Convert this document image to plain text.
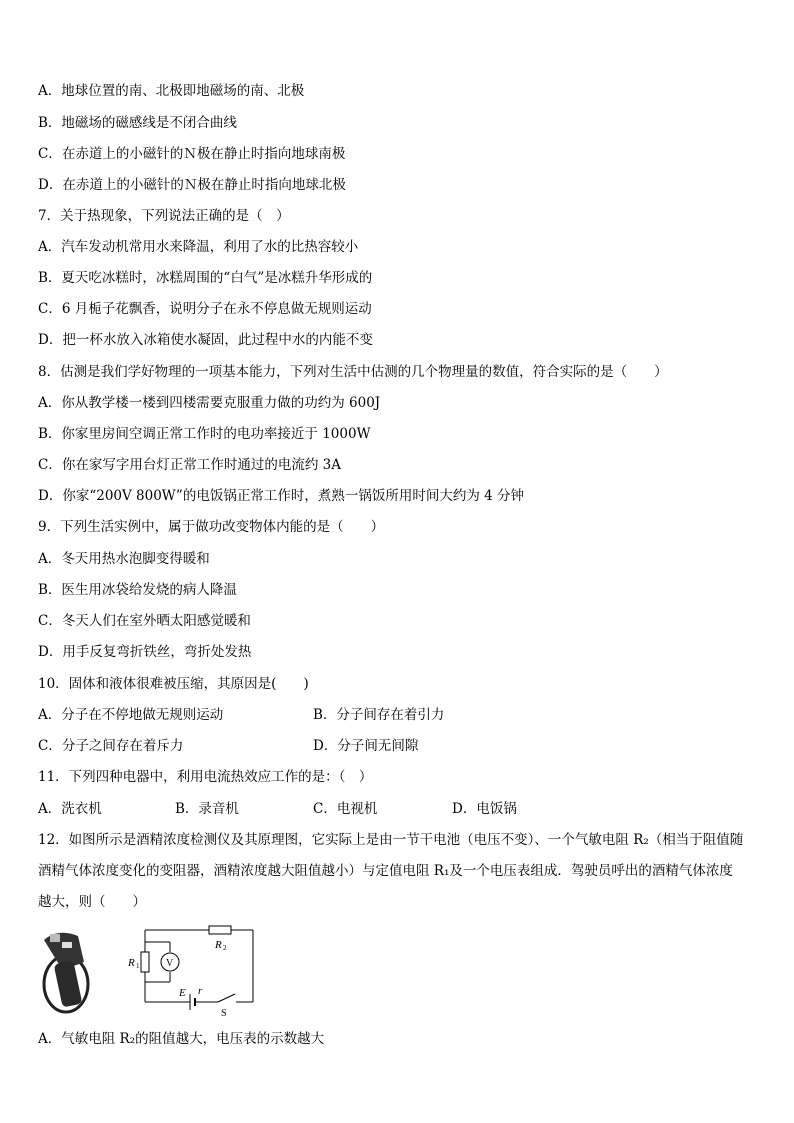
A．地球位置的南、北极即地磁场的南、北极
B．地磁场的磁感线是不闭合曲线
C．在赤道上的小磁针的Ｎ极在静止时指向地球南极
D．在赤道上的小磁针的Ｎ极在静止时指向地球北极
7．关于热现象，下列说法正确的是（　）
A．汽车发动机常用水来降温，利用了水的比热容较小
B．夏天吃冰糕时，冰糕周围的“白气”是冰糕升华形成的
C．6 月栀子花飘香，说明分子在永不停息做无规则运动
D．把一杯水放入冰箱使水凝固，此过程中水的内能不变
8．估测是我们学好物理的一项基本能力，下列对生活中估测的几个物理量的数值，符合实际的是（　　）
A．你从教学楼一楼到四楼需要克服重力做的功约为 600J
B．你家里房间空调正常工作时的电功率接近于 1000W
C．你在家写字用台灯正常工作时通过的电流约 3A
D．你家“200V 800W”的电饭锅正常工作时，煮熟一锅饭所用时间大约为 4 分钟
9．下列生活实例中，属于做功改变物体内能的是（　　）
A．冬天用热水泡脚变得暖和
B．医生用冰袋给发烧的病人降温
C．冬天人们在室外晒太阳感觉暖和
D．用手反复弯折铁丝，弯折处发热
10．固体和液体很难被压缩，其原因是(　　)
A．分子在不停地做无规则运动	B．分子间存在着引力
C．分子之间存在着斥力	D．分子间无间隙
11．下列四种电器中，利用电流热效应工作的是：（　）
A．洗衣机	B．录音机	C．电视机	D．电饭锅
12．如图所示是酒精浓度检测仪及其原理图，它实际上是由一节干电池（电压不变）、一个气敏电阻 R₂（相当于阻值随
酒精气体浓度变化的变阻器，酒精浓度越大阻值越小）与定值电阻 R₁及一个电压表组成．驾驶员呼出的酒精气体浓度
越大，则（　　）
R 2
R 1	V
E r
S
A．气敏电阻 R₂的阻值越大，电压表的示数越大
